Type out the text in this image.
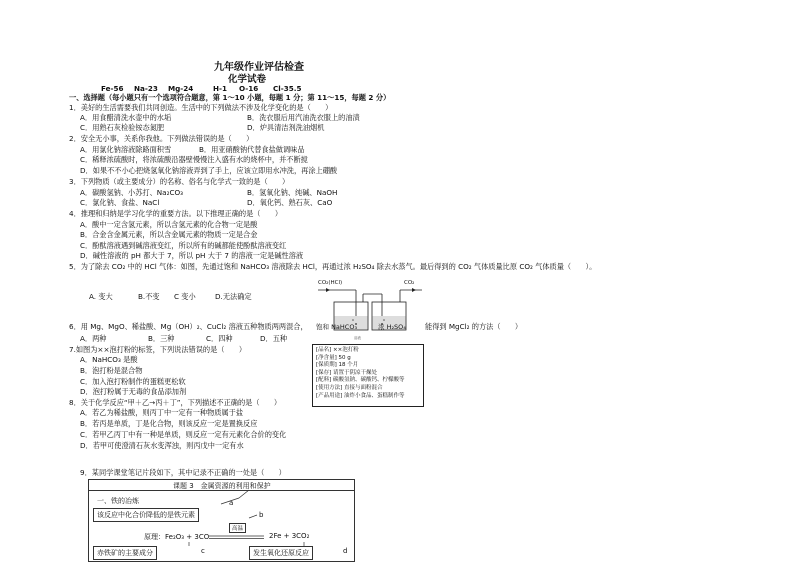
九年级作业评估检查
化学试卷
Fe-56 Na-23 Mg-24	H-1 O-16 Cl-35.5
一、选择题（每小题只有一个选项符合题意，第 1～10 小题，每题 1 分；第 11～15，每题 2 分）
1．美好的生活需要我们共同创造。生活中的下列做法不涉及化学变化的是（　　）
A．用食醋清洗水壶中的水垢	B．洗衣服后用汽油洗衣服上的油渍
C．用熟石灰检验铵态氮肥	D．炉具清洁剂洗油烟机
2．安全无小事，关系你我他。下列做法错误的是（　　）
A．用氯化钠溶液除路面积雪	B．用亚硝酸钠代替食盐做调味品
C．稀释浓硫酸时，将浓硫酸沿器壁慢慢注入盛有水的烧杯中，并不断搅
D．如果不不小心把烧氢氧化钠溶液弄到了手上，应该立即用水冲洗，再涂上硼酸
3．下列物质（或主要成分）的名称、俗名与化学式一致的是（　　）
A．碳酸氢钠、小苏打、Na₂CO₃	B．氢氧化钠、纯碱、NaOH
C．氯化钠、食盐、NaCl	D．氧化钙、熟石灰、CaO
4．推理和归纳是学习化学的重要方法。以下推理正确的是（　　）
A．酸中一定含氢元素，所以含氢元素的化合物一定是酸
B．合金含金属元素，所以含金属元素的物质一定是合金
C．酚酞溶液遇到碱溶液变红，所以所有的碱都能使酚酞溶液变红
D．碱性溶液的 pH 都大于 7，所以 pH 大于 7 的溶液一定是碱性溶液
5．为了除去 CO₂ 中的 HCl 气体：如图，先通过饱和 NaHCO₃ 溶液除去 HCl，再通过浓 H₂SO₄ 除去水蒸气。最后得到的 CO₂ 气体质量比原 CO₂ 气体质量（　　）。
A. 变大	B.不变 C 变小	D.无法确定
CO₂(HCl)	CO₂
溶液
6．用 Mg、MgO、稀盐酸、Mg（OH）₂、CuCl₂ 溶液五种物质两两混合， 饱和 NaHCO₃	浓 H₂SO₄	能得到 MgCl₂ 的方法（　　）
A．两种	B．三种	C．四种	D．五种
7.如图为××泡打粉的标签，下列说法错误的是（　　）
A．NaHCO₃ 是酸
B．泡打粉是混合物
C．加入泡打粉制作的蛋糕更松软
D．泡打粉属于无毒的食品添加剂
[品名] ××泡打粉
[净含量] 50 g
[保质期] 18 个月
[保存] 请置于阴凉干燥处
[配料] 碳酸氢钠、碳酸钙、柠檬酸等
[使用方法] 直接与面粉混合
[产品用途] 油炸小食品、蛋糕制作等
8．关于化学反应“甲＋乙→丙＋丁”，下列描述不正确的是（　　）
A．若乙为稀盐酸，则丙丁中一定有一种物质属于盐
B．若丙是单质，丁是化合物，则该反应一定是置换反应
C．若甲乙丙丁中有一种是单质，则反应一定有元素化合价的变化
D．若甲可使澄清石灰水变浑浊，则丙戊中一定有水
9．某同学课堂笔记片段如下，其中记录不正确的一处是（　　）
课题 3　金属资源的利用和保护
一、铁的冶炼
该反应中化合价降低的是铁元素
a
b
高温
原理：Fe₂O₃ + 3CO	2Fe + 3CO₂
赤铁矿的主要成分	c	发生氧化还原反应	d
